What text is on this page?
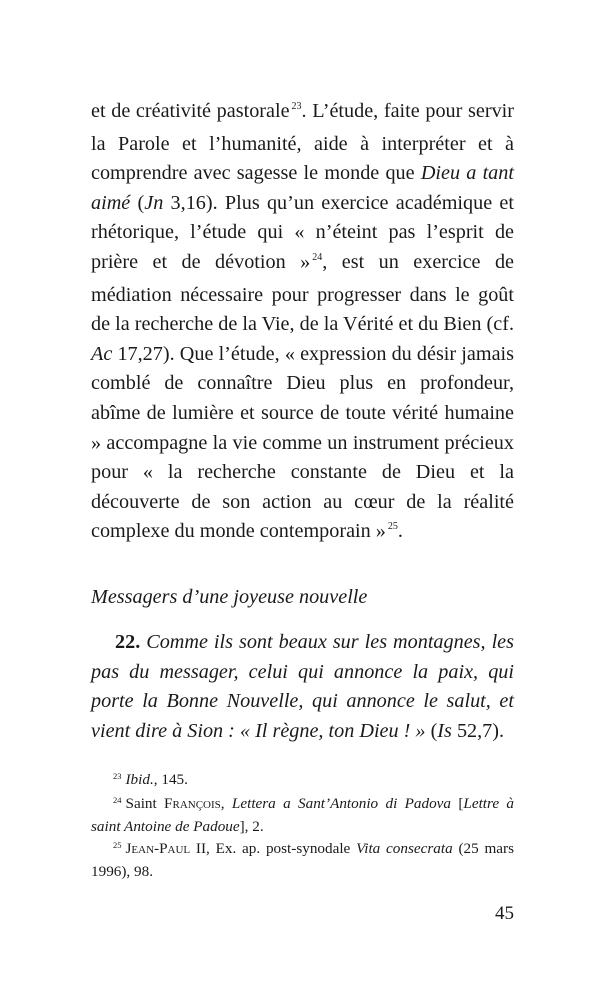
et de créativité pastorale $^{23}$. L’étude, faite pour servir la Parole et l’humanité, aide à interpréter et à comprendre avec sagesse le monde que Dieu a tant aimé (Jn 3,16). Plus qu’un exercice académique et rhétorique, l’étude qui « n’éteint pas l’esprit de prière et de dévotion » $^{24}$, est un exercice de médiation nécessaire pour progresser dans le goût de la recherche de la Vie, de la Vérité et du Bien (cf. Ac 17,27). Que l’étude, « expression du désir jamais comblé de connaître Dieu plus en profondeur, abîme de lumière et source de toute vérité humaine » accompagne la vie comme un instrument précieux pour « la recherche constante de Dieu et la découverte de son action au cœur de la réalité complexe du monde contemporain » $^{25}$.

Messagers d’une joyeuse nouvelle

22. Comme ils sont beaux sur les montagnes, les pas du messager, celui qui annonce la paix, qui porte la Bonne Nouvelle, qui annonce le salut, et vient dire à Sion : « Il règne, ton Dieu ! » (Is 52,7).

$^{23}$ Ibid., 145.

$^{24}$ Saint François, Lettera a Sant’Antonio di Padova [Lettre à saint Antoine de Padoue], 2.

$^{25}$ Jean-Paul II, Ex. ap. post-synodale Vita consecrata (25 mars 1996), 98.

45
